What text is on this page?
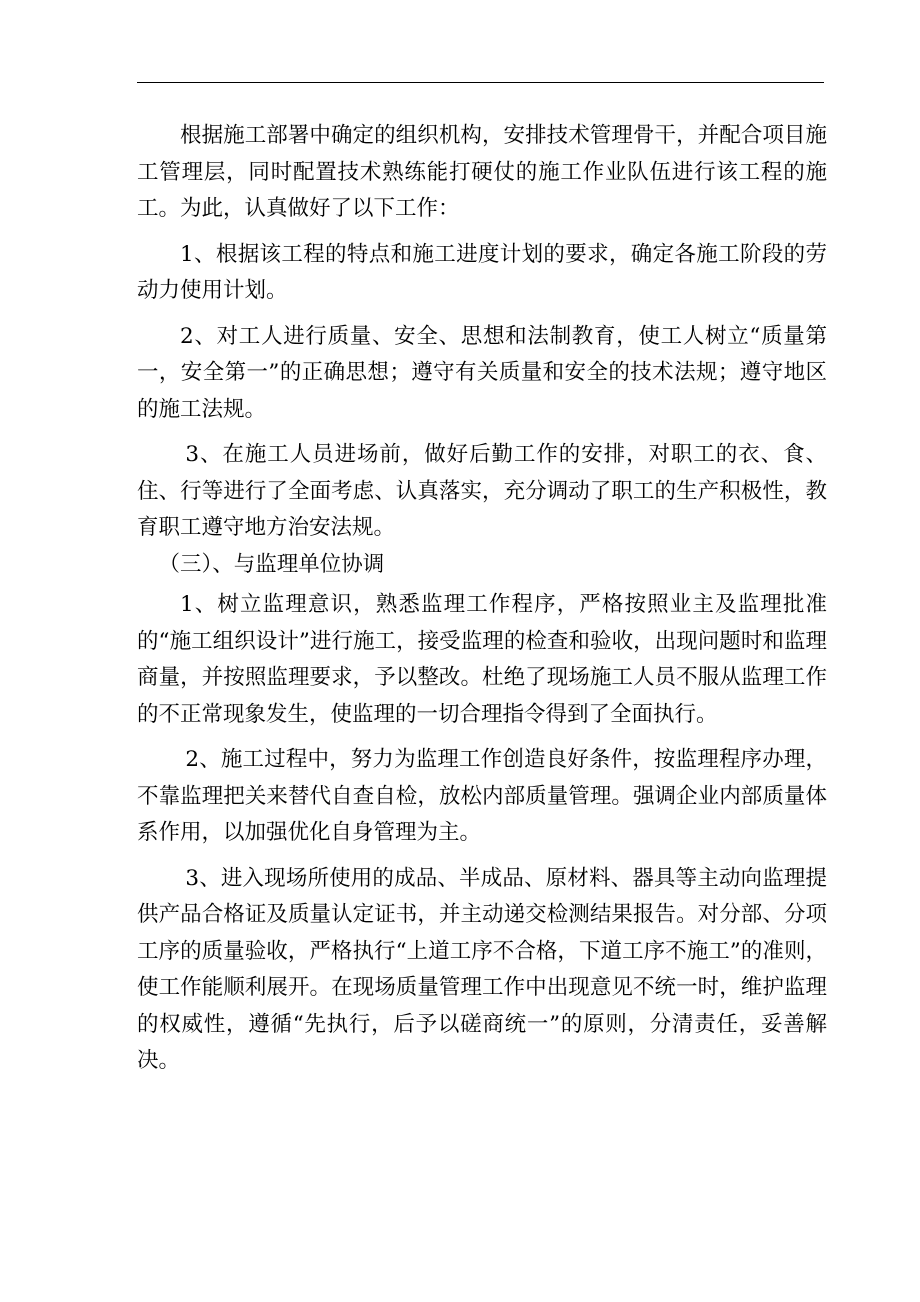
根据施工部署中确定的组织机构，安排技术管理骨干，并配合项目施工管理层，同时配置技术熟练能打硬仗的施工作业队伍进行该工程的施工。为此，认真做好了以下工作：

1、根据该工程的特点和施工进度计划的要求，确定各施工阶段的劳动力使用计划。

2、对工人进行质量、安全、思想和法制教育，使工人树立“质量第一，安全第一”的正确思想；遵守有关质量和安全的技术法规；遵守地区的施工法规。

3、在施工人员进场前，做好后勤工作的安排，对职工的衣、食、住、行等进行了全面考虑、认真落实，充分调动了职工的生产积极性，教育职工遵守地方治安法规。

（三）、与监理单位协调

1、树立监理意识，熟悉监理工作程序，严格按照业主及监理批准的“施工组织设计”进行施工，接受监理的检查和验收，出现问题时和监理商量，并按照监理要求，予以整改。杜绝了现场施工人员不服从监理工作的不正常现象发生，使监理的一切合理指令得到了全面执行。

2、施工过程中，努力为监理工作创造良好条件，按监理程序办理，不靠监理把关来替代自查自检，放松内部质量管理。强调企业内部质量体系作用，以加强优化自身管理为主。

3、进入现场所使用的成品、半成品、原材料、器具等主动向监理提供产品合格证及质量认定证书，并主动递交检测结果报告。对分部、分项工序的质量验收，严格执行“上道工序不合格，下道工序不施工”的准则，使工作能顺利展开。在现场质量管理工作中出现意见不统一时，维护监理的权威性，遵循“先执行，后予以磋商统一”的原则，分清责任，妥善解决。
